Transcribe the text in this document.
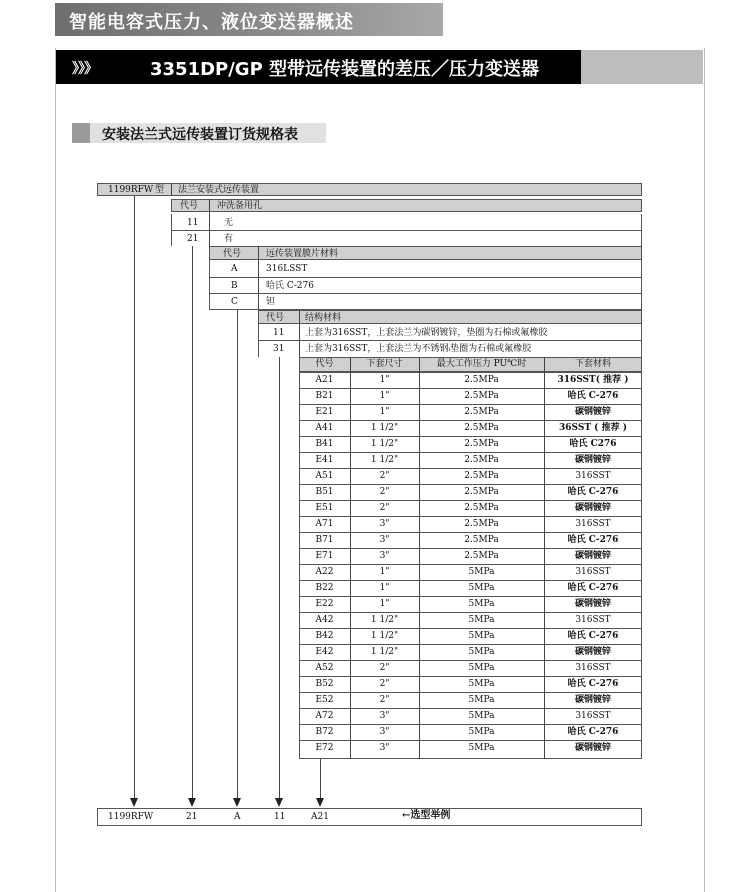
智能电容式压力、液位变送器概述
》》》	3351DP/GP 型带远传装置的差压／压力变送器
安装法兰式远传装置订货规格表
1199RFW 型 法兰安装式远传装置
代号 冲洗备用孔
11	无
21	有
代号	远传装置膜片材料
A	316LSST
B	哈氏 C-276
C	钽
代号 结构材料
11 上套为316SST，上套法兰为碳钢镀锌，垫圈为石棉或氟橡胶
31 上套为316SST，上套法兰为不锈钢ᵢ垫圈为石棉或氟橡胶
代号	下套尺寸	最大工作压力 PU℃时	下套材料
A21	1"	2.5MPa	316SST( 推荐 )
B21	1"	2.5MPa	哈氏 C-276
E21	1"	2.5MPa	碳钢镀锌
A41	1 1/2"	2.5MPa	36SST ( 推荐 )
B41	1 1/2"	2.5MPa	哈氏 C276
E41	1 1/2"	2.5MPa	碳钢镀锌
A51	2"	2.5MPa	316SST
B51	2"	2.5MPa	哈氏 C-276
E51	2"	2.5MPa	碳钢镀锌
A71	3"	2.5MPa	316SST
B71	3"	2.5MPa	哈氏 C-276
E71	3"	2.5MPa	碳钢镀锌
A22	1"	5MPa	316SST
B22	1"	5MPa	哈氏 C-276
E22	1"	5MPa	碳钢镀锌
A42	1 1/2"	5MPa	316SST
B42	1 1/2"	5MPa	哈氏 C-276
E42	1 1/2"	5MPa	碳钢镀锌
A52	2"	5MPa	316SST
B52	2"	5MPa	哈氏 C-276
E52	2"	5MPa	碳钢镀锌
A72	3"	5MPa	316SST
B72	3"	5MPa	哈氏 C-276
E72	3"	5MPa	碳钢镀锌
1199RFW	21	A	11	A21	←选型举例
